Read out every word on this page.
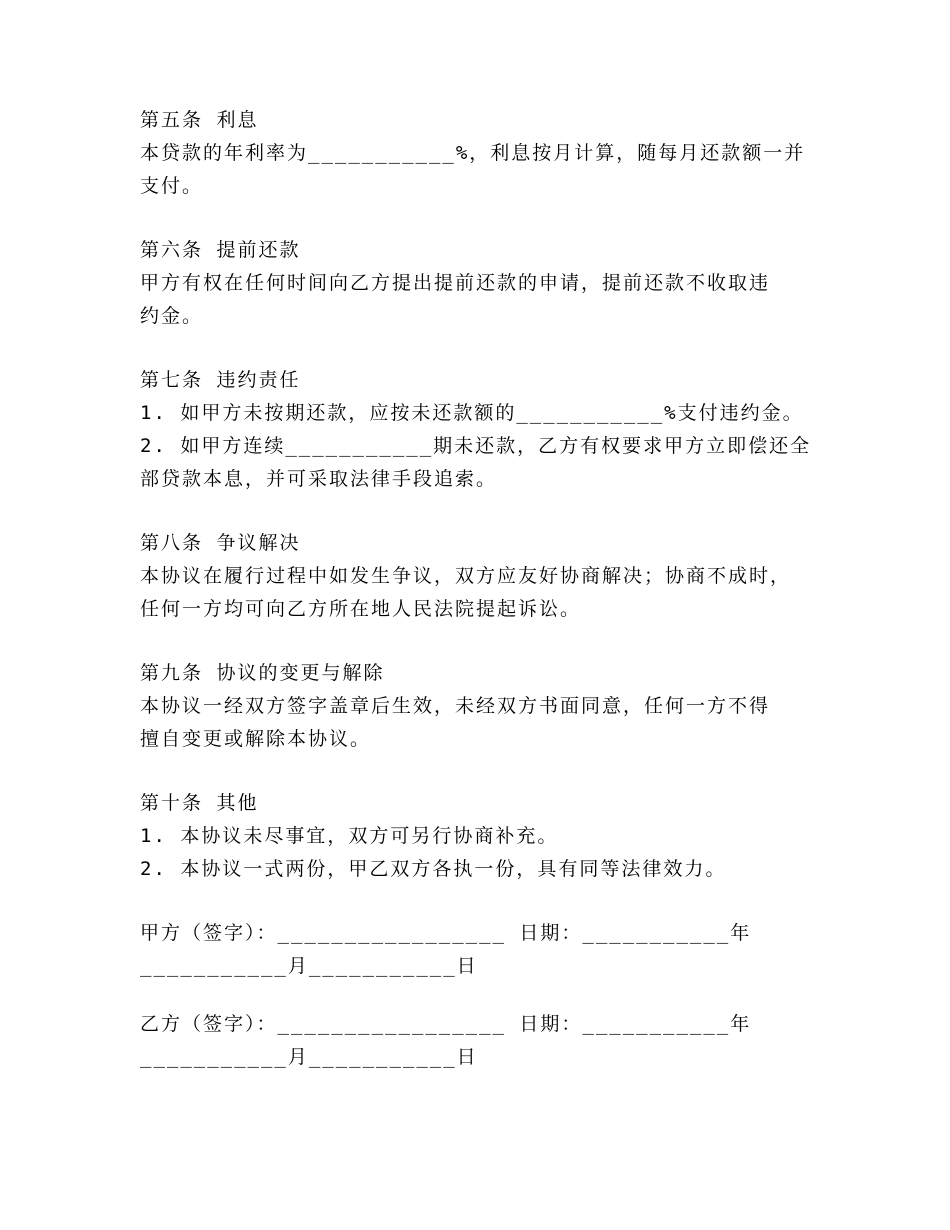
第五条 利息
本贷款的年利率为___________%，利息按月计算，随每月还款额一并
支付。
第六条 提前还款
甲方有权在任何时间向乙方提出提前还款的申请，提前还款不收取违
约金。
第七条 违约责任
1. 如甲方未按期还款，应按未还款额的___________%支付违约金。
2. 如甲方连续___________期未还款，乙方有权要求甲方立即偿还全
部贷款本息，并可采取法律手段追索。
第八条 争议解决
本协议在履行过程中如发生争议，双方应友好协商解决；协商不成时，
任何一方均可向乙方所在地人民法院提起诉讼。
第九条 协议的变更与解除
本协议一经双方签字盖章后生效，未经双方书面同意，任何一方不得
擅自变更或解除本协议。
第十条 其他
1. 本协议未尽事宜，双方可另行协商补充。
2. 本协议一式两份，甲乙双方各执一份，具有同等法律效力。
甲方（签字）：_________________ 日期：___________年
___________月___________日
乙方（签字）：_________________ 日期：___________年
___________月___________日
